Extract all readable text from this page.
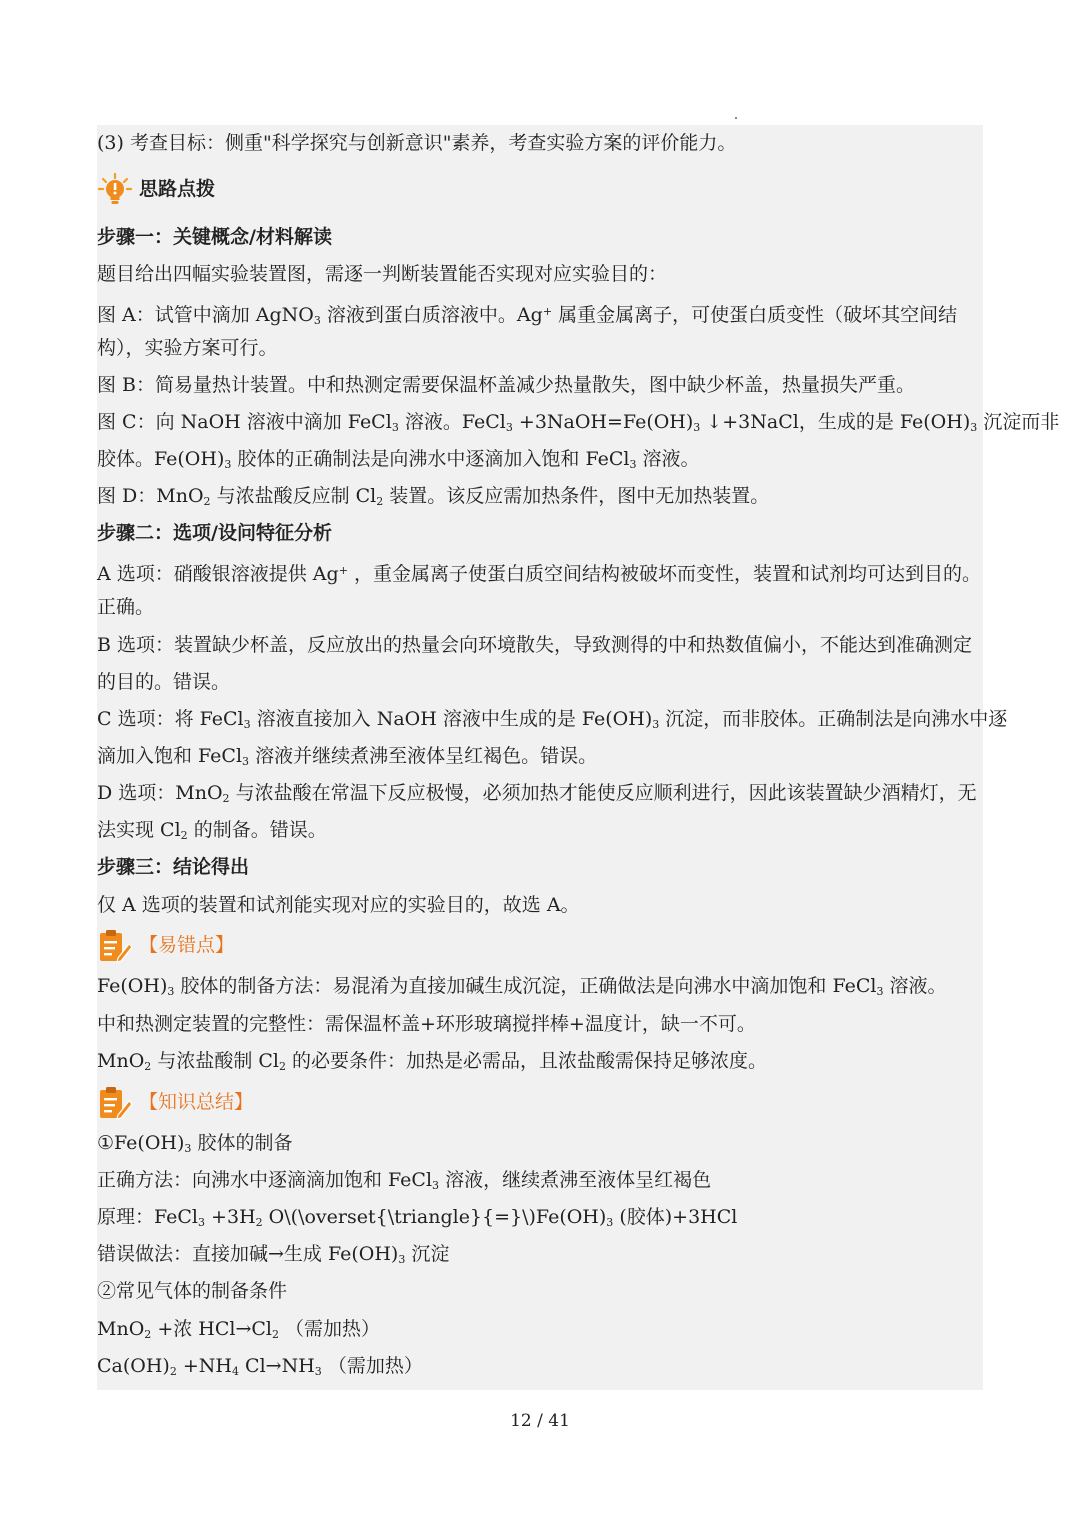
(3) 考查目标：侧重"科学探究与创新意识"素养，考查实验方案的评价能力。
思路点拨
步骤一：关键概念/材料解读
题目给出四幅实验装置图，需逐一判断装置能否实现对应实验目的：
图 A：试管中滴加 AgNO$_3$ 溶液到蛋白质溶液中。Ag+ 属重金属离子，可使蛋白质变性（破坏其空间结
构），实验方案可行。
图 B：简易量热计装置。中和热测定需要保温杯盖减少热量散失，图中缺少杯盖，热量损失严重。
图 C：向 NaOH 溶液中滴加 FeCl$_3$ 溶液。FeCl$_3$ $+3NaOH=Fe(OH)_3$ ↓+3NaCl，生成的是 $Fe(OH)_3$ 沉淀而非
胶体。$Fe(OH)_3$ 胶体的正确制法是向沸水中逐滴加入饱和 FeCl$_3$ 溶液。
图 D：MnO$_2$ 与浓盐酸反应制 $Cl_2$ 装置。该反应需加热条件，图中无加热装置。
步骤二：选项/设问特征分析
A 选项：硝酸银溶液提供 Ag+ ，重金属离子使蛋白质空间结构被破坏而变性，装置和试剂均可达到目的。
正确。
B 选项：装置缺少杯盖，反应放出的热量会向环境散失，导致测得的中和热数值偏小，不能达到准确测定
的目的。错误。
C 选项：将 FeCl$_3$ 溶液直接加入 NaOH 溶液中生成的是 $Fe(OH)_3$ 沉淀，而非胶体。正确制法是向沸水中逐
滴加入饱和 FeCl$_3$ 溶液并继续煮沸至液体呈红褐色。错误。
D 选项：MnO$_2$ 与浓盐酸在常温下反应极慢，必须加热才能使反应顺利进行，因此该装置缺少酒精灯，无
法实现 $Cl_2$ 的制备。错误。
步骤三：结论得出
仅 A 选项的装置和试剂能实现对应的实验目的，故选 A。
【易错点】
$Fe(OH)_3$ 胶体的制备方法：易混淆为直接加碱生成沉淀，正确做法是向沸水中滴加饱和 FeCl$_3$ 溶液。
中和热测定装置的完整性：需保温杯盖+环形玻璃搅拌棒+温度计，缺一不可。
MnO$_2$ 与浓盐酸制 $Cl_2$ 的必要条件：加热是必需品，且浓盐酸需保持足够浓度。
【知识总结】
$①Fe(OH)_3$ 胶体的制备
正确方法：向沸水中逐滴滴加饱和 FeCl$_3$ 溶液，继续煮沸至液体呈红褐色
原理：FeCl$_3$ $+3H_2$ $O\backslash(\backslash overset\{\backslash triangle\}\{=\}\backslash)Fe(OH)_3$ (胶体)+3HCl
错误做法：直接加碱→生成 $Fe(OH)_3$ 沉淀
②常见气体的制备条件
MnO$_2$ +浓 $HCl\to Cl_2$ （需加热）
$Ca(OH)_2 +NH_4$ $Cl\to NH_3$ （需加热）
12 / 41
